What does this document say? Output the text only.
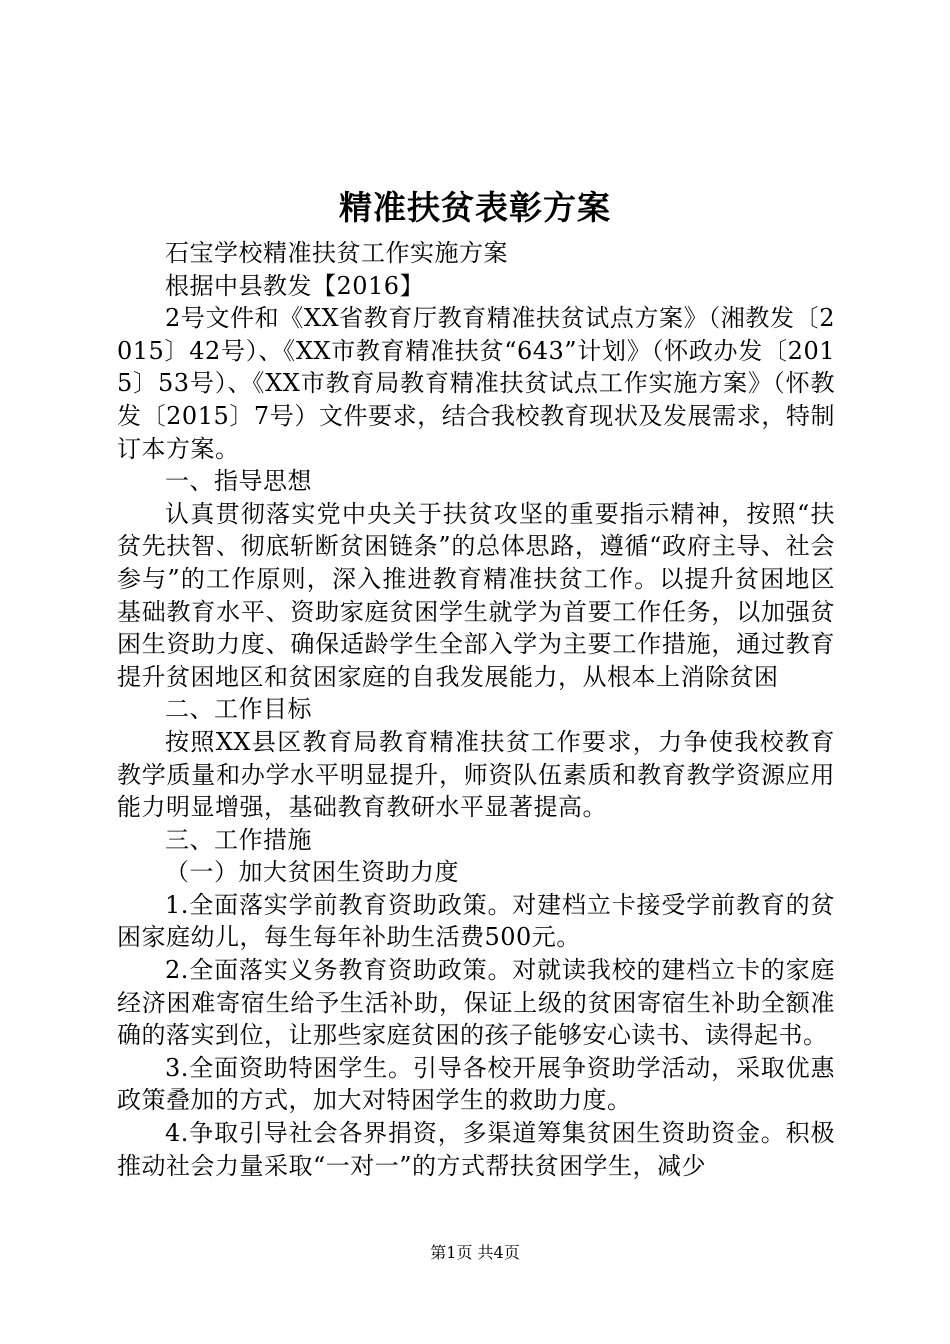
精准扶贫表彰方案

石宝学校精准扶贫工作实施方案

根据中县教发【2016】

2号文件和《XX省教育厅教育精准扶贫试点方案》（湘教发〔2015〕42号）、《XX市教育精准扶贫“643”计划》（怀政办发〔2015〕53号）、《XX市教育局教育精准扶贫试点工作实施方案》（怀教发〔2015〕7号）文件要求，结合我校教育现状及发展需求，特制订本方案。

一、指导思想

认真贯彻落实党中央关于扶贫攻坚的重要指示精神，按照“扶贫先扶智、彻底斩断贫困链条”的总体思路，遵循“政府主导、社会参与”的工作原则，深入推进教育精准扶贫工作。以提升贫困地区基础教育水平、资助家庭贫困学生就学为首要工作任务，以加强贫困生资助力度、确保适龄学生全部入学为主要工作措施，通过教育提升贫困地区和贫困家庭的自我发展能力，从根本上消除贫困

二、工作目标

按照XX县区教育局教育精准扶贫工作要求，力争使我校教育教学质量和办学水平明显提升，师资队伍素质和教育教学资源应用能力明显增强，基础教育教研水平显著提高。

三、工作措施

（一）加大贫困生资助力度

1.全面落实学前教育资助政策。对建档立卡接受学前教育的贫困家庭幼儿，每生每年补助生活费500元。

2.全面落实义务教育资助政策。对就读我校的建档立卡的家庭经济困难寄宿生给予生活补助，保证上级的贫困寄宿生补助全额准确的落实到位，让那些家庭贫困的孩子能够安心读书、读得起书。

3.全面资助特困学生。引导各校开展争资助学活动，采取优惠政策叠加的方式，加大对特困学生的救助力度。

4.争取引导社会各界捐资，多渠道筹集贫困生资助资金。积极推动社会力量采取“一对一”的方式帮扶贫困学生，减少

第1页 共4页
